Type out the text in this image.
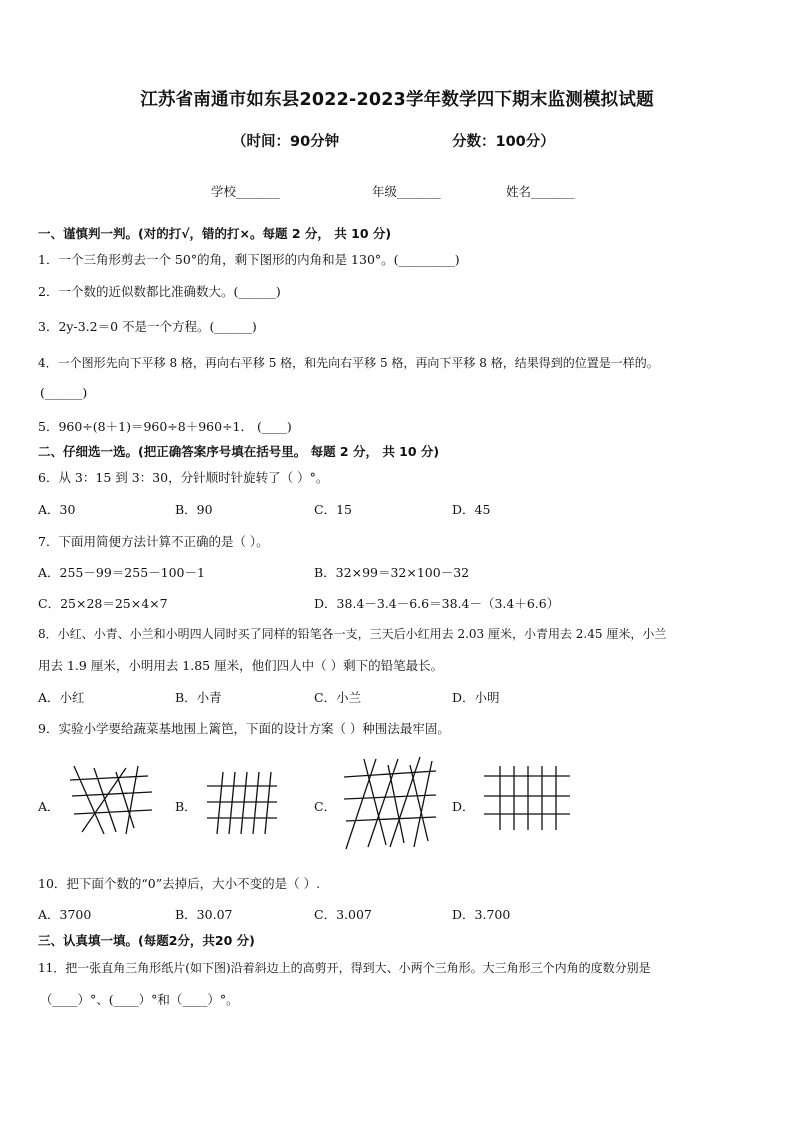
江苏省南通市如东县2022-2023学年数学四下期末监测模拟试题
（时间：90分钟	分数：100分）
学校_______	年级_______	姓名_______
一、谨慎判一判。(对的打√，错的打×。每题 2 分， 共 10 分)
1．一个三角形剪去一个 50°的角，剩下图形的内角和是 130°。(_________)
2．一个数的近似数都比准确数大。(______)
3．2y-3.2＝0 不是一个方程。(______)
4．一个图形先向下平移 8 格，再向右平移 5 格，和先向右平移 5 格，再向下平移 8 格，结果得到的位置是一样的。
(______)
5．960÷(8＋1)＝960÷8＋960÷1． (____)
二、仔细选一选。(把正确答案序号填在括号里。 每题 2 分， 共 10 分)
6．从 3：15 到 3：30，分针顺时针旋转了（ ）°。
A．30	B．90	C．15	D．45
7．下面用简便方法计算不正确的是（ ）。
A．255－99＝255－100－1	B．32×99＝32×100－32
C．25×28＝25×4×7	D．38.4－3.4－6.6＝38.4－（3.4＋6.6）
8．小红、小青、小兰和小明四人同时买了同样的铅笔各一支，三天后小红用去 2.03 厘米，小青用去 2.45 厘米，小兰
用去 1.9 厘米，小明用去 1.85 厘米，他们四人中（ ）剩下的铅笔最长。
A．小红	B．小青	C．小兰	D．小明
9．实验小学要给蔬菜基地围上篱笆，下面的设计方案（ ）种围法最牢固。
A．	B．	C．	D．
10．把下面个数的“0”去掉后，大小不变的是（ ）.
A．3700	B．30.07	C．3.007	D．3.700
三、认真填一填。(每题2分，共20 分)
11．把一张直角三角形纸片(如下图)沿着斜边上的高剪开，得到大、小两个三角形。大三角形三个内角的度数分别是
（____）°、(____）°和（____）°。
